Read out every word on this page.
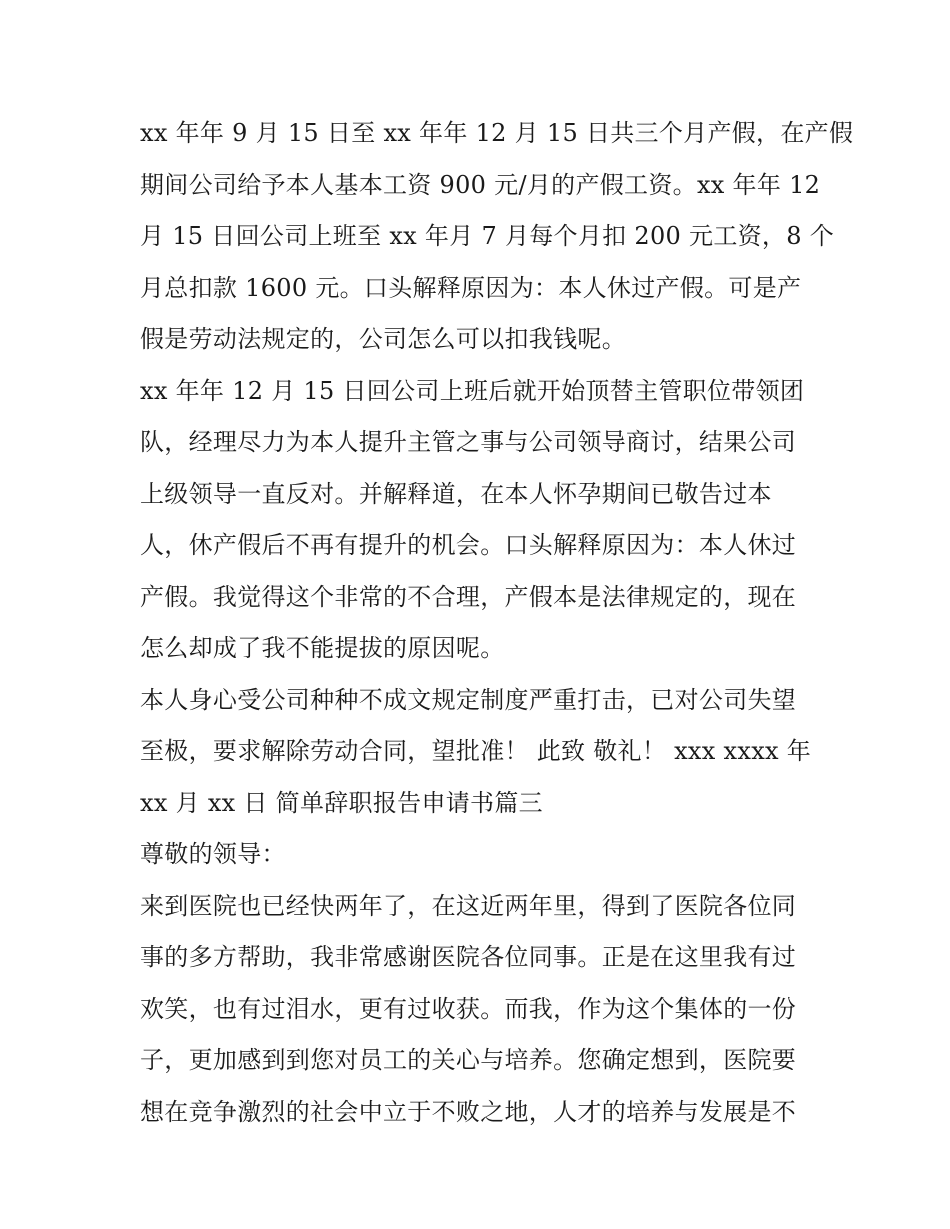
xx 年年 9 月 15 日至 xx 年年 12 月 15 日共三个月产假，在产假
期间公司给予本人基本工资 900 元/月的产假工资。xx 年年 12
月 15 日回公司上班至 xx 年月 7 月每个月扣 200 元工资，8 个
月总扣款 1600 元。口头解释原因为：本人休过产假。可是产
假是劳动法规定的，公司怎么可以扣我钱呢。
xx 年年 12 月 15 日回公司上班后就开始顶替主管职位带领团
队，经理尽力为本人提升主管之事与公司领导商讨，结果公司
上级领导一直反对。并解释道，在本人怀孕期间已敬告过本
人，休产假后不再有提升的机会。口头解释原因为：本人休过
产假。我觉得这个非常的不合理，产假本是法律规定的，现在
怎么却成了我不能提拔的原因呢。
本人身心受公司种种不成文规定制度严重打击，已对公司失望
至极，要求解除劳动合同，望批准！ 此致 敬礼！ xxx xxxx 年
xx 月 xx 日 简单辞职报告申请书篇三
尊敬的领导：
来到医院也已经快两年了，在这近两年里，得到了医院各位同
事的多方帮助，我非常感谢医院各位同事。正是在这里我有过
欢笑，也有过泪水，更有过收获。而我，作为这个集体的一份
子，更加感到到您对员工的关心与培养。您确定想到，医院要
想在竞争激烈的社会中立于不败之地，人才的培养与发展是不
